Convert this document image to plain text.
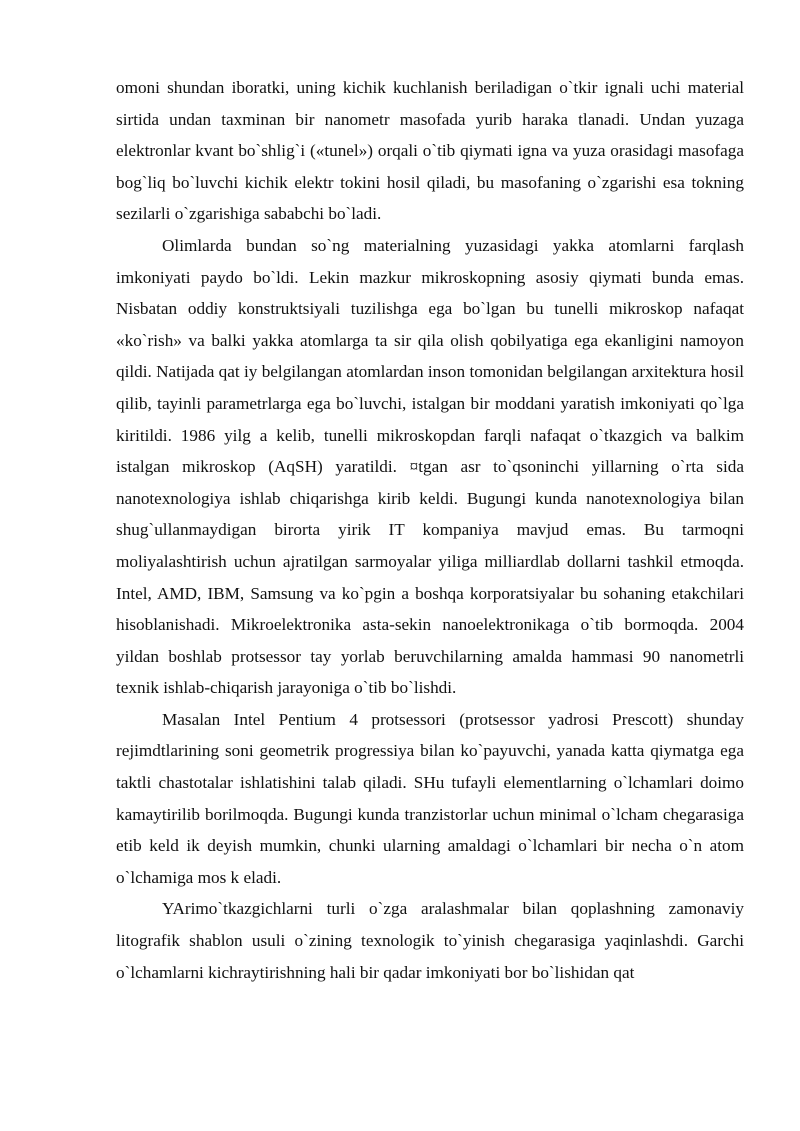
omoni shundan iboratki, uning kichik kuchlanish beriladigan o`tkir ignali uchi material sirtida undan taxminan bir nanometr masofada yurib haraka tlanadi. Undan yuzaga elektronlar kvant bo`shlig`i («tunel») orqali o`tib qiymati igna va yuza orasidagi masofaga bog`liq bo`luvchi kichik elektr tokini hosil qiladi, bu masofaning o`zgarishi esa tokning sezilarli o`zgarishiga sababchi bo`ladi.

Olimlarda bundan so`ng materialning yuzasidagi yakka atomlarni farqlash imkoniyati paydo bo`ldi. Lekin mazkur mikroskopning asosiy qiymati bunda emas. Nisbatan oddiy konstruktsiyali tuzilishga ega bo`lgan bu tunelli mikroskop nafaqat «ko`rish» va balki yakka atomlarga ta sir qila olish qobilyatiga ega ekanligini namoyon qildi. Natijada qat iy belgilangan atomlardan inson tomonidan belgilangan arxitektura hosil qilib, tayinli parametrlarga ega bo`luvchi, istalgan bir moddani yaratish imkoniyati qo`lga kiritildi. 1986 yilg a kelib, tunelli mikroskopdan farqli nafaqat o`tkazgich va balkim istalgan mikroskop (AqSH) yaratildi. ¤tgan asr to`qsoninchi yillarning o`rta sida nanotexnologiya ishlab chiqarishga kirib keldi. Bugungi kunda nanotexnologiya bilan shug`ullanmaydigan birorta yirik IT kompaniya mavjud emas. Bu tarmoqni moliyalashtirish uchun ajratilgan sarmoyalar yiliga milliardlab dollarni tashkil etmoqda. Intel, AMD, IBM, Samsung va ko`pgin a boshqa korporatsiyalar bu sohaning etakchilari hisoblanishadi. Mikroelektronika asta-sekin nanoelektronikaga o`tib bormoqda. 2004 yildan boshlab protsessor tay yorlab beruvchilarning amalda hammasi 90 nanometrli texnik ishlab-chiqarish jarayoniga o`tib bo`lishdi.

Masalan Intel Pentium 4 protsessori (protsessor yadrosi Prescott) shunday rejimdtlarining soni geometrik progressiya bilan ko`payuvchi, yanada katta qiymatga ega taktli chastotalar ishlatishini talab qiladi. SHu tufayli elementlarning o`lchamlari doimo kamaytirilib borilmoqda. Bugungi kunda tranzistorlar uchun minimal o`lcham chegarasiga etib keld ik deyish mumkin, chunki ularning amaldagi o`lchamlari bir necha o`n atom o`lchamiga mos k eladi.

YArimo`tkazgichlarni turli o`zga aralashmalar bilan qoplashning zamonaviy litografik shablon usuli o`zining texnologik to`yinish chegarasiga yaqinlashdi. Garchi o`lchamlarni kichraytirishning hali bir qadar imkoniyati bor bo`lishidan qat
